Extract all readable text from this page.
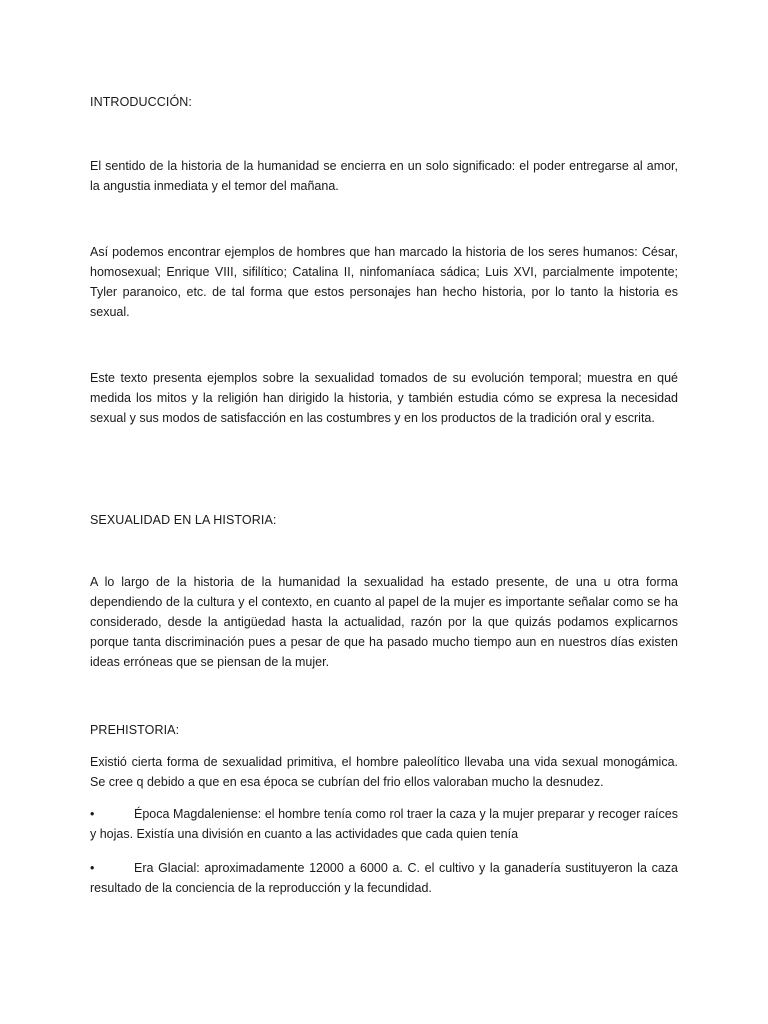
INTRODUCCIÓN:

El sentido de la historia de la humanidad se encierra en un solo significado: el poder entregarse al amor, la angustia inmediata y el temor del mañana.

Así podemos encontrar ejemplos de hombres que han marcado la historia de los seres humanos: César, homosexual; Enrique VIII, sifilítico; Catalina II, ninfomaníaca sádica; Luis XVI, parcialmente impotente; Tyler paranoico, etc. de tal forma que estos personajes han hecho historia, por lo tanto la historia es sexual.

Este texto presenta ejemplos sobre la sexualidad tomados de su evolución temporal; muestra en qué medida los mitos y la religión han dirigido la historia, y también estudia cómo se expresa la necesidad sexual y sus modos de satisfacción en las costumbres y en los productos de la tradición oral y escrita.

SEXUALIDAD EN LA HISTORIA:

A lo largo de la historia de la humanidad la sexualidad ha estado presente, de una u otra forma dependiendo de la cultura y el contexto, en cuanto al papel de la mujer es importante señalar como se ha considerado, desde la antigüedad hasta la actualidad, razón por la que quizás podamos explicarnos porque tanta discriminación pues a pesar de que ha pasado mucho tiempo aun en nuestros días existen ideas erróneas que se piensan de la mujer.

PREHISTORIA:

Existió cierta forma de sexualidad primitiva, el hombre paleolítico llevaba una vida sexual monogámica. Se cree q debido a que en esa época se cubrían del frio ellos valoraban mucho la desnudez.

•	Época Magdaleniense: el hombre tenía como rol traer la caza y la mujer preparar y recoger raíces y hojas. Existía una división en cuanto a las actividades que cada quien tenía

•	Era Glacial: aproximadamente 12000 a 6000 a. C. el cultivo y la ganadería sustituyeron la caza resultado de la conciencia de la reproducción y la fecundidad.
